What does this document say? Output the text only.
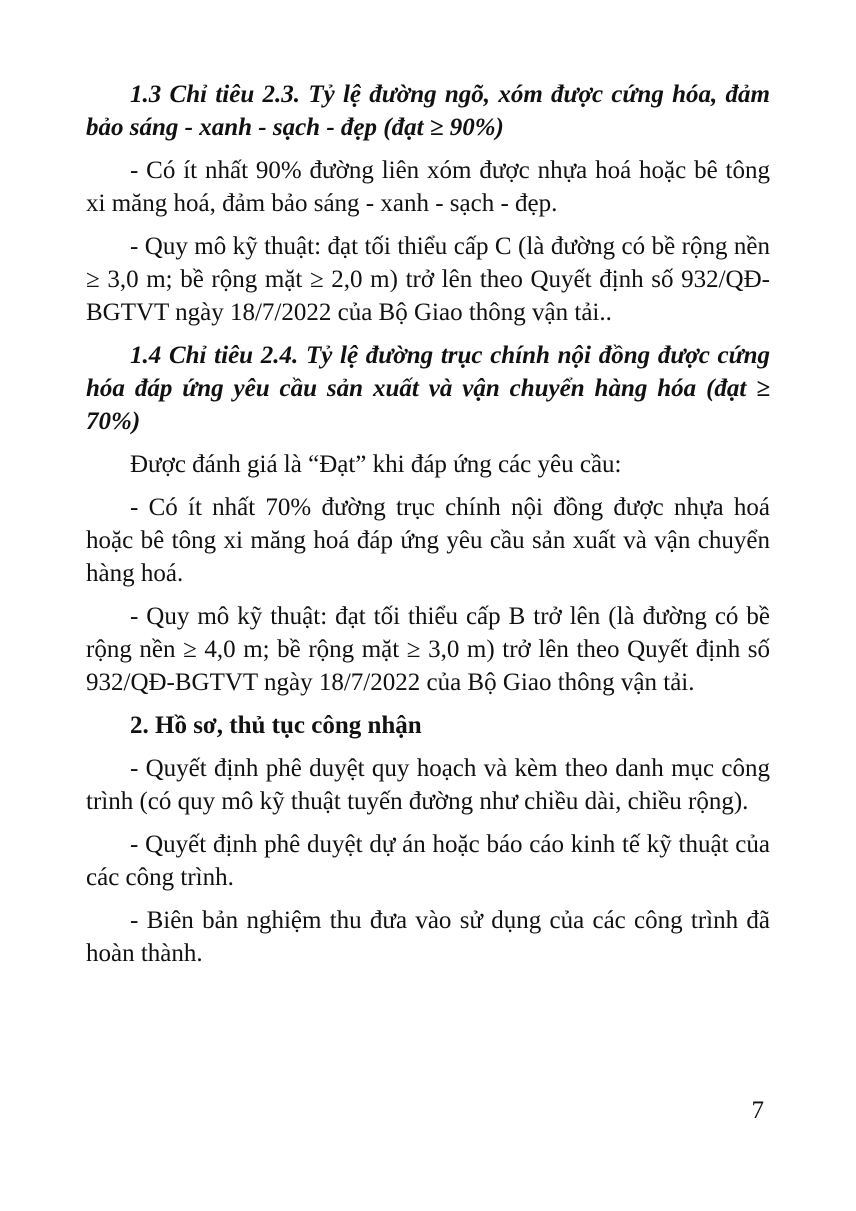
1.3 Chỉ tiêu 2.3. Tỷ lệ đường ngõ, xóm được cứng hóa, đảm bảo sáng - xanh - sạch - đẹp (đạt ≥ 90%)

- Có ít nhất 90% đường liên xóm được nhựa hoá hoặc bê tông xi măng hoá, đảm bảo sáng - xanh - sạch - đẹp.

- Quy mô kỹ thuật: đạt tối thiểu cấp C (là đường có bề rộng nền ≥ 3,0 m; bề rộng mặt ≥ 2,0 m) trở lên theo Quyết định số 932/QĐ-BGTVT ngày 18/7/2022 của Bộ Giao thông vận tải..

1.4 Chỉ tiêu 2.4. Tỷ lệ đường trục chính nội đồng được cứng hóa đáp ứng yêu cầu sản xuất và vận chuyển hàng hóa (đạt ≥ 70%)

Được đánh giá là “Đạt” khi đáp ứng các yêu cầu:

- Có ít nhất 70% đường trục chính nội đồng được nhựa hoá hoặc bê tông xi măng hoá đáp ứng yêu cầu sản xuất và vận chuyển hàng hoá.

- Quy mô kỹ thuật: đạt tối thiểu cấp B trở lên (là đường có bề rộng nền ≥ 4,0 m; bề rộng mặt ≥ 3,0 m) trở lên theo Quyết định số 932/QĐ-BGTVT ngày 18/7/2022 của Bộ Giao thông vận tải.

2. Hồ sơ, thủ tục công nhận

- Quyết định phê duyệt quy hoạch và kèm theo danh mục công trình (có quy mô kỹ thuật tuyến đường như chiều dài, chiều rộng).

- Quyết định phê duyệt dự án hoặc báo cáo kinh tế kỹ thuật của các công trình.

- Biên bản nghiệm thu đưa vào sử dụng của các công trình đã hoàn thành.

7
